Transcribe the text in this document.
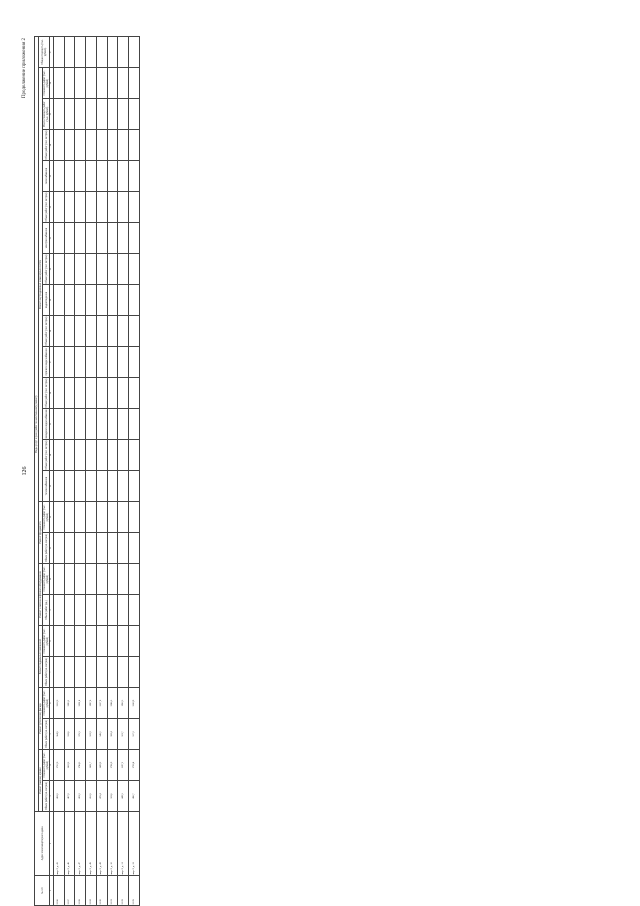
126
Продолжение приложения 2
№ п/п	Адрес многоквартирного дома	Виды услуг и (или) работ по капитальному ремонту																								
		Ремонт (замена) кровли		Ремонт (утепление) фасада		Ремонт подвальных помещений		Ремонт и замена лифтового оборудования		Ремонт фундамента		Ремонт внутридомовых инженерных систем														Общая стоимость (тыс. рублей)
		Объем работ (кв. метров)	Стоимость работ (тыс. рублей)	Объем работ (кв. метров)	Стоимость работ (тыс. рублей)	Объем работ (кв. метров)	Стоимость работ (тыс. рублей)	Объем работ (ед.)	Стоимость работ (тыс. рублей)	Объем работ (кв. метров)	Стоимость работ (тыс. рублей)	теплоснабжения	Объем работ (пог. метров)	холодного водоснабжения	Объем работ (пог. метров)	горячего водоснабжения	Объем работ (пог. метров)	водоотведения	Объем работ (пог. метров)	электроснабжения	Объем работ (пог. метров)	газоснабжения	Объем работ (пог. метров)	Всего стоимость работ (тыс. рублей)	Стоимость работ (тыс. рублей)	
1	2	3	4	5	6	7	8	9	10	11	12	13	14	15	16	17	18	19	20	21	22	23	24	25	26	27
25.86	мкр. 9, д. 45	482,0	1712,0	564,8	2152,0																					
25.87	мкр. 9, д. 46	467,0	1659,3	532,6	2083,1																					
25.88	мкр. 9, д. 47	491,2	1744,5	578,3	2201,4																					
25.89	мкр. 9, д. 48	455,8	1621,7	519,9	1987,6																					
25.90	мкр. 9, д. 49	478,4	1699,2	548,1	2117,8																					
25.91	мкр. 9, д. 50	502,6	1786,9	589,4	2246,3																					
25.92	мкр. 9, д. 51	449,3	1597,1	512,7	1962,5																					
25.93	мкр. 9, д. 52	486,7	1728,4	557,2	2169,9																					
